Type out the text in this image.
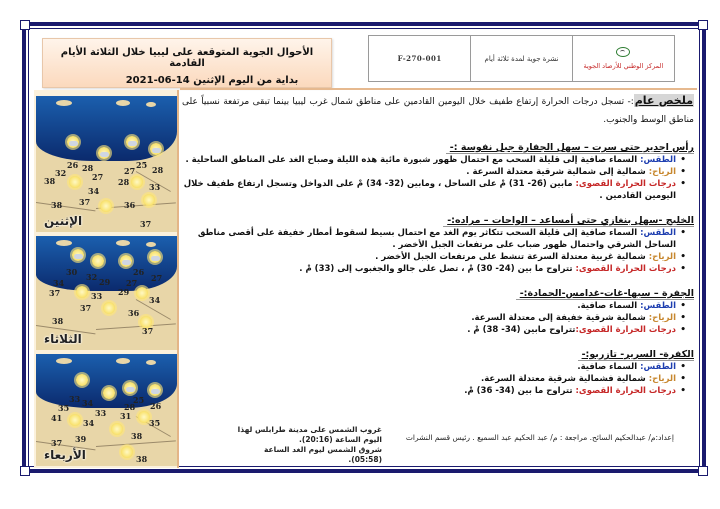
الأحوال الجوية المتوقعة على ليبيا خلال الثلاثة الأيام القادمة
بداية من اليوم الإثنين 14-06-2021
F-270-001	نشرة جوية لمدة ثلاثة أيام
المركز الوطني للأرصاد الجوية
26 28
32
38	27
27
25 28
28
34	33
38 37	36
37
الإثنين
30 32 29
34
37
26
27 27
29
33	34
37	36
38
37
الثلاثاء
33 34
35
41	33
25
28 26
31
34	35
39	38
37
38
الأربعاء
ملخص عام:- تسجل درجات الحرارة إرتفاع طفيف خلال اليومين القادمين على مناطق شمال غرب ليبيا بينما تبقى مرتفعة نسبياً على مناطق الوسط والجنوب.
رأس اجدير حتى سرت – سهل الجفارة جبل نفوسة :-
• الطقس: السماء صافية إلى قليلة السحب مع احتمال ظهور شبورة مائية هذه الليلة وصباح الغد على المناطق الساحلية .
• الرياح: شمالية إلى شمالية شرقية معتدلة السرعة .
• درجات الحرارة القصوى: مابين (26- 31) مْ على الساحل ، ومابين (32- 34) مْ على الدواخل وتسجل ارتفاع طفيف خلال اليومين القادمين .
الخليج -سهل بنغازي حتى أمساعد – الواحات – مراده:-
• الطقس: السماء صافية إلى قليلة السحب تتكاثر يوم الغد مع احتمال بسيط لسقوط أمطار خفيفة على أقصى مناطق الساحل الشرقي واحتمال ظهور ضباب على مرتفعات الجبل الأخضر .
• الرياح: شمالية غربية معتدلة السرعة تنشط على مرتفعات الجبل الأخضر .
• درجات الحرارة القصوى: تتراوح ما بين (24- 30) مْ ، تصل على جالو والجغبوب إلى (33) مْ .
الجفرة – سبها-غات-غدامس-الحمادة:-
• الطقس: السماء صافية.
• الرياح: شمالية شرقية خفيفة إلى معتدلة السرعة.
• درجات الحرارة القصوى:تتراوح مابين (34- 38) مْ .
الكفرة- السرير- تازربو:-
• الطقس: السماء صافية.
• الرياح: شمالية فشمالية شرقية معتدلة السرعة.
• درجات الحرارة القصوى: تتراوح ما بين (34- 36) مْ.
إعداد:م/ عبدالحكيم السائح. مراجعة : م/ عبد الحكيم عبد السميع . رئيس قسم النشرات
غروب الشمس على مدينة طرابلس لهذا اليوم الساعة (20:16).
شروق الشمس ليوم الغد الساعة (05:58).
